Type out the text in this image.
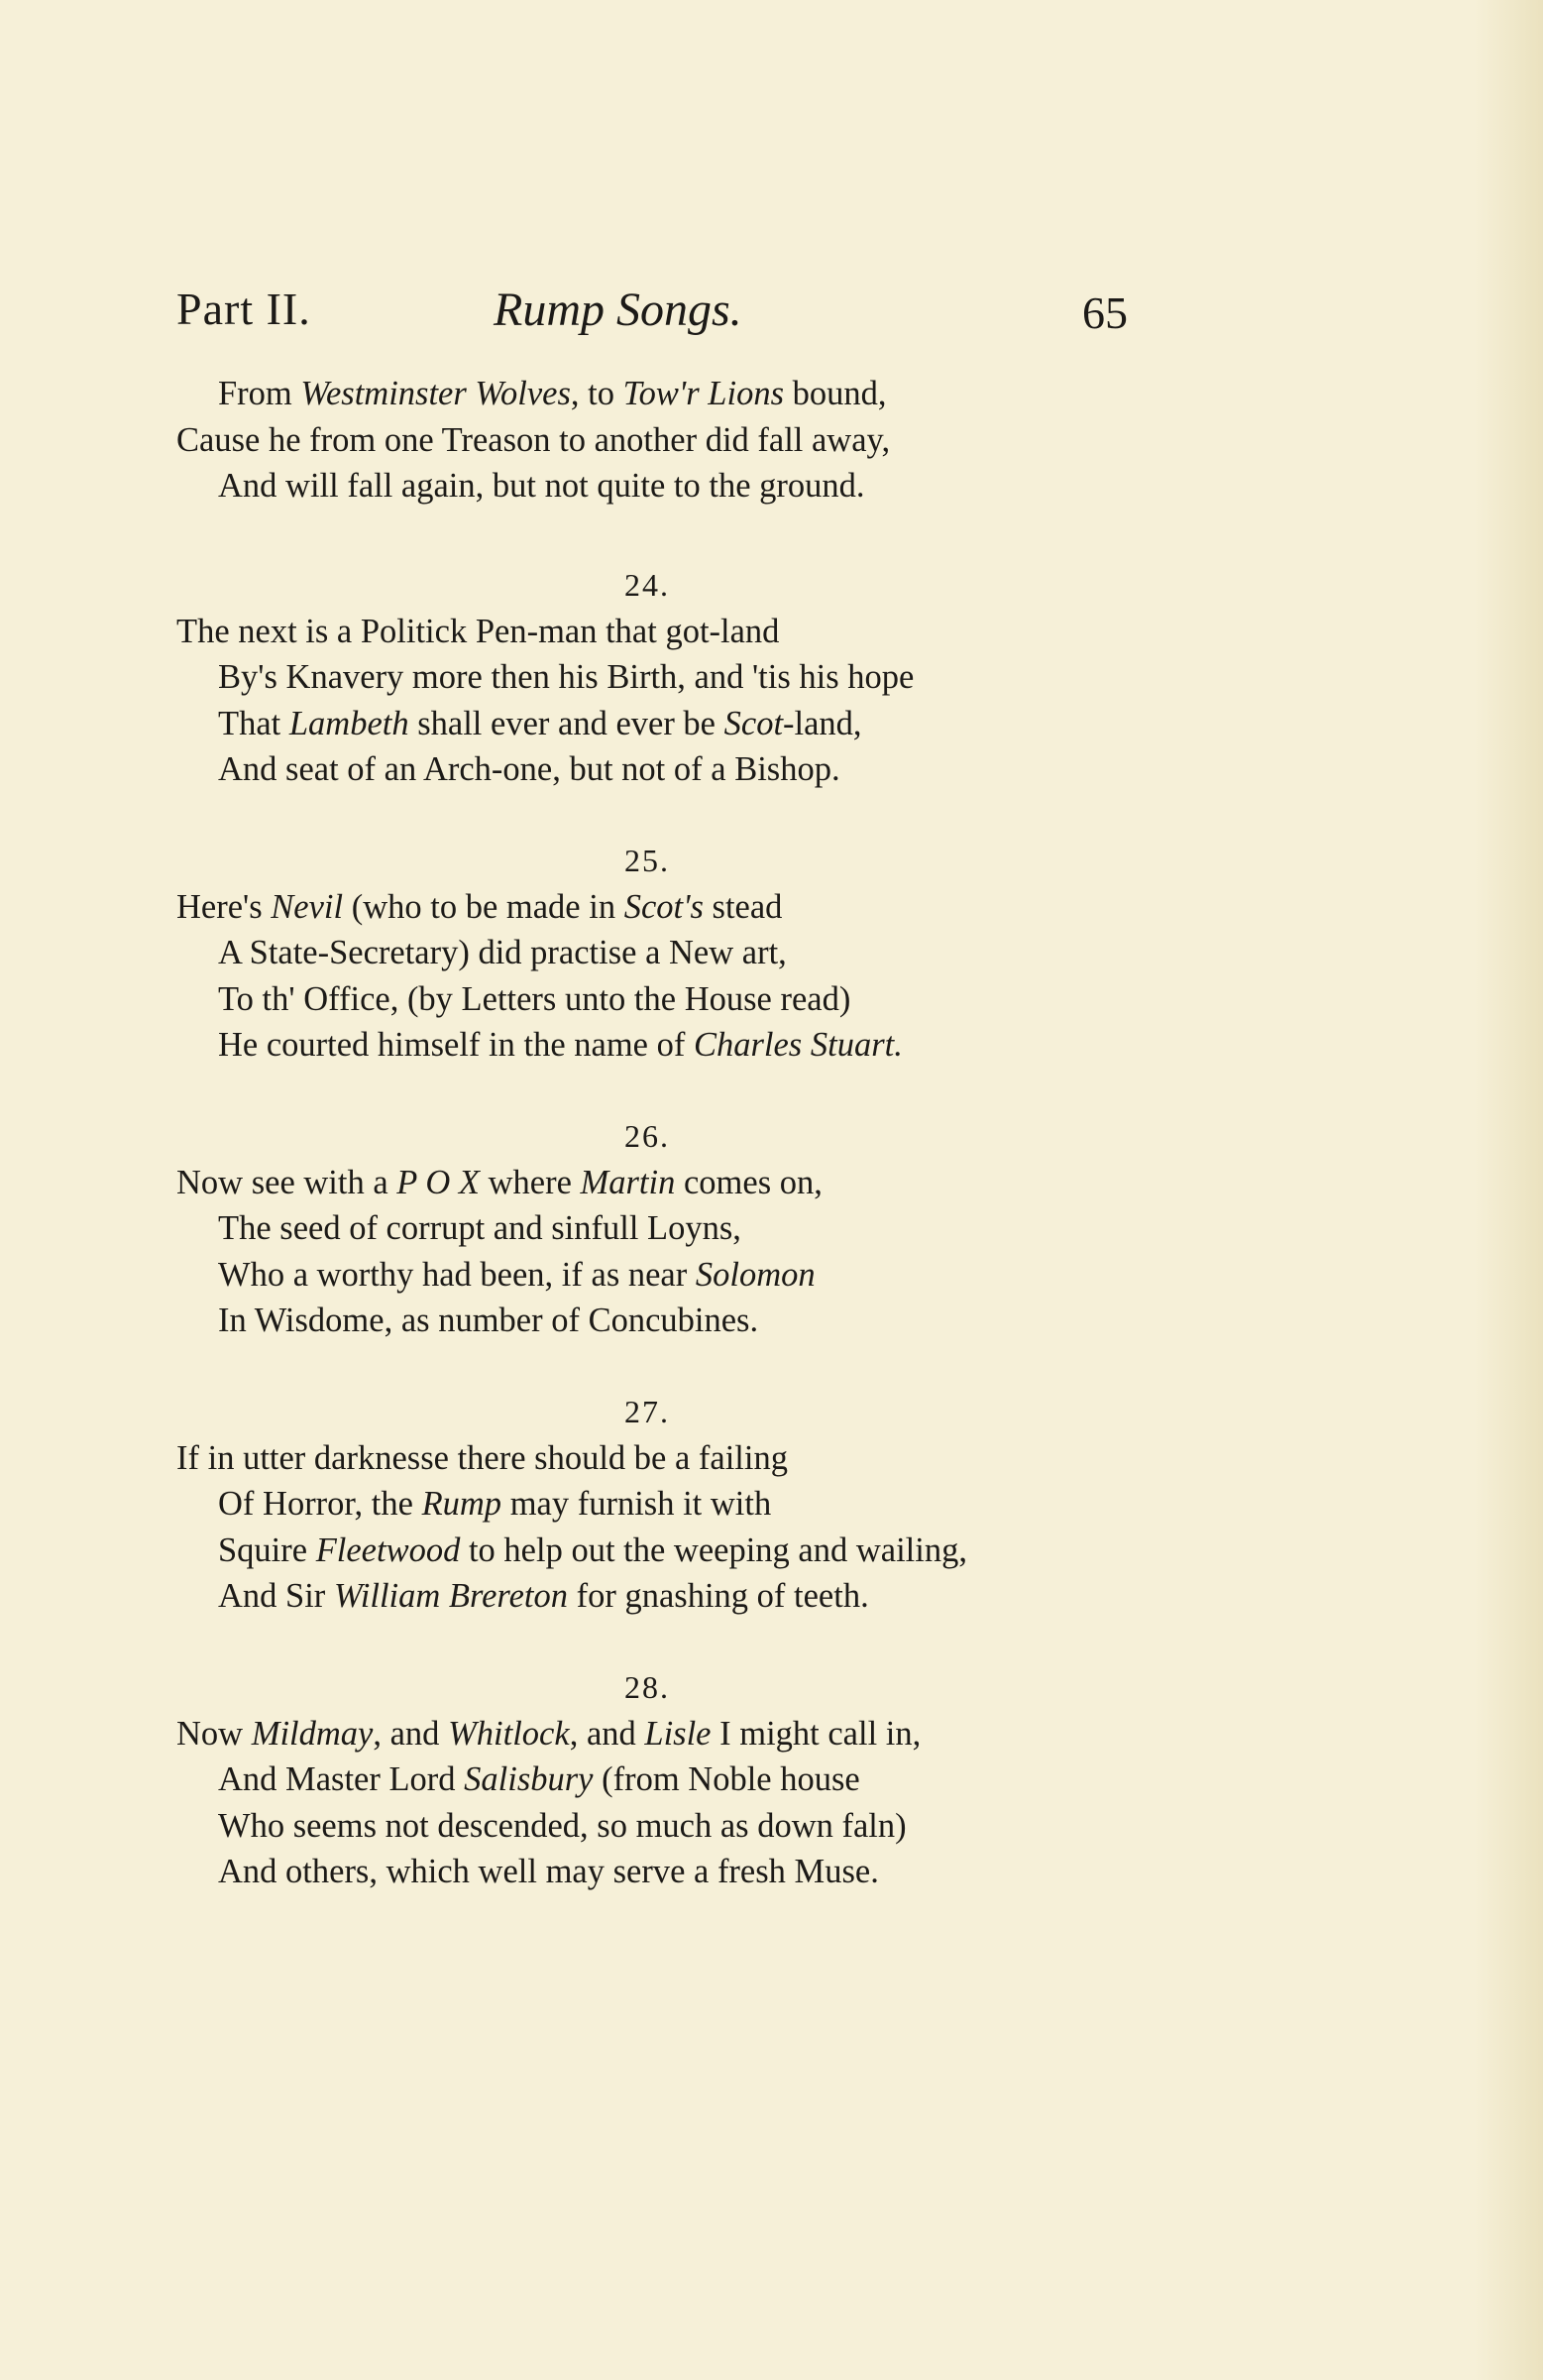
Part II.	Rump Songs.	65
From Westminster Wolves, to Tow'r Lions bound,
Cause he from one Treason to another did fall away,
And will fall again, but not quite to the ground.
24.
The next is a Politick Pen-man that got-land
By's Knavery more then his Birth, and 'tis his hope
That Lambeth shall ever and ever be Scot-land,
And seat of an Arch-one, but not of a Bishop.
25.
Here's Nevil (who to be made in Scot's stead
A State-Secretary) did practise a New art,
To th' Office, (by Letters unto the House read)
He courted himself in the name of Charles Stuart.
26.
Now see with a P O X where Martin comes on,
The seed of corrupt and sinfull Loyns,
Who a worthy had been, if as near Solomon
In Wisdome, as number of Concubines.
27.
If in utter darknesse there should be a failing
Of Horror, the Rump may furnish it with
Squire Fleetwood to help out the weeping and wailing,
And Sir William Brereton for gnashing of teeth.
28.
Now Mildmay, and Whitlock, and Lisle I might call in,
And Master Lord Salisbury (from Noble house
Who seems not descended, so much as down faln)
And others, which well may serve a fresh Muse.
